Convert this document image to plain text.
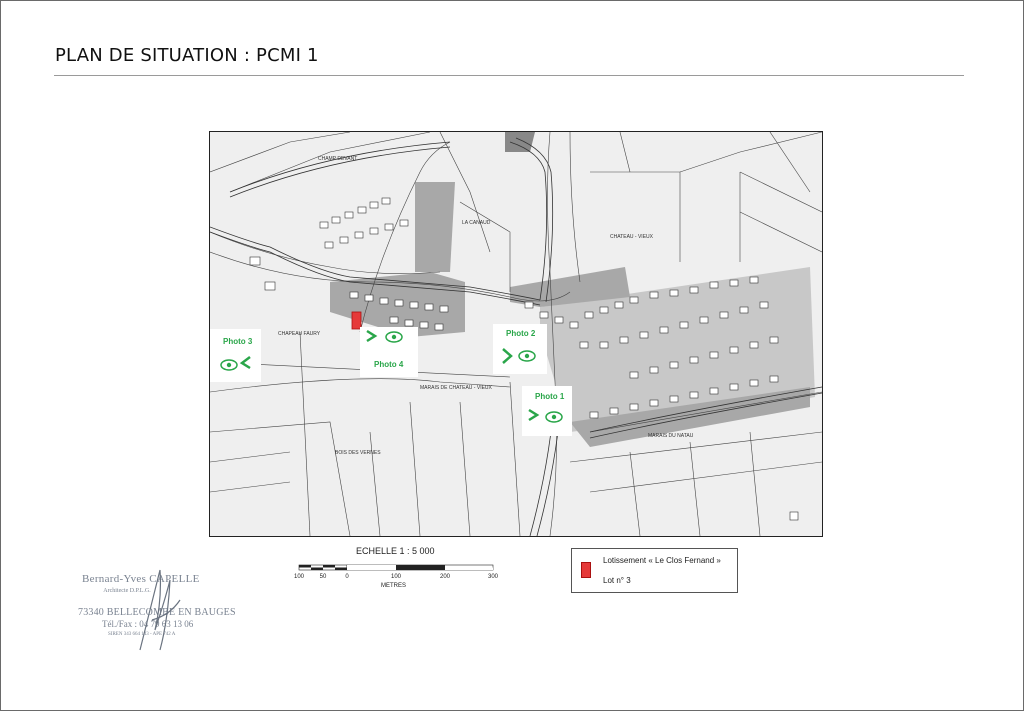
PLAN DE SITUATION : PCMI 1
CHAMP DEVANT
LA CANAUD
CHATEAU - VIEUX
CHAPEAU FAURY
MARAIS DE CHATEAU - VIEUX
MARAIS DU NATAU
BOIS DES VERNES
Photo 3
Photo 4
Photo 2
Photo 1
ECHELLE 1 : 5 000
100	50	0	100	200	300
METRES
Lotissement « Le Clos Fernand »
Lot n° 3
Bernard-Yves CAPELLE
Architecte D.P.L.G.
73340 BELLECOMBE EN BAUGES
Tél./Fax : 04 79 63 13 06
SIREN 343 664 143 - APE 742 A
